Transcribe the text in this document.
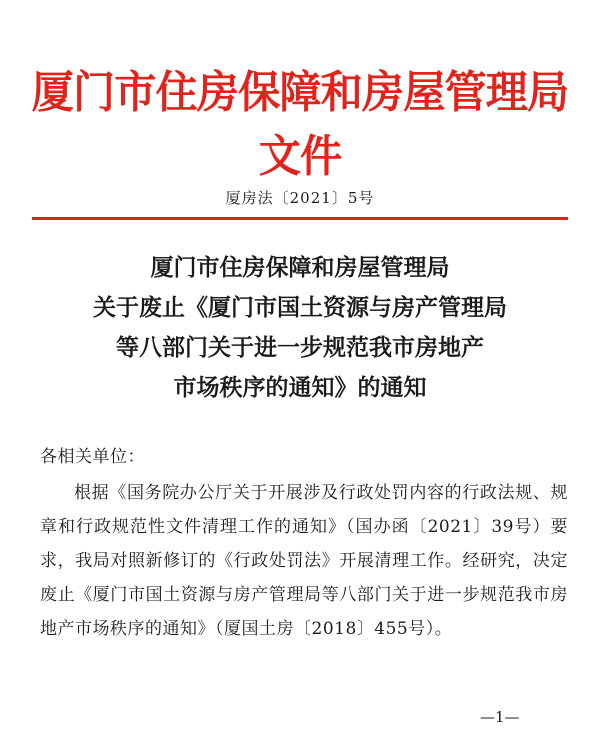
厦门市住房保障和房屋管理局文件
厦房法〔2021〕5号
厦门市住房保障和房屋管理局
关于废止《厦门市国土资源与房产管理局
等八部门关于进一步规范我市房地产
市场秩序的通知》的通知
各相关单位：

根据《国务院办公厅关于开展涉及行政处罚内容的行政法规、规章和行政规范性文件清理工作的通知》（国办函〔2021〕39号）要求，我局对照新修订的《行政处罚法》开展清理工作。经研究，决定废止《厦门市国土资源与房产管理局等八部门关于进一步规范我市房地产市场秩序的通知》（厦国土房〔2018〕455号）。

—1—
